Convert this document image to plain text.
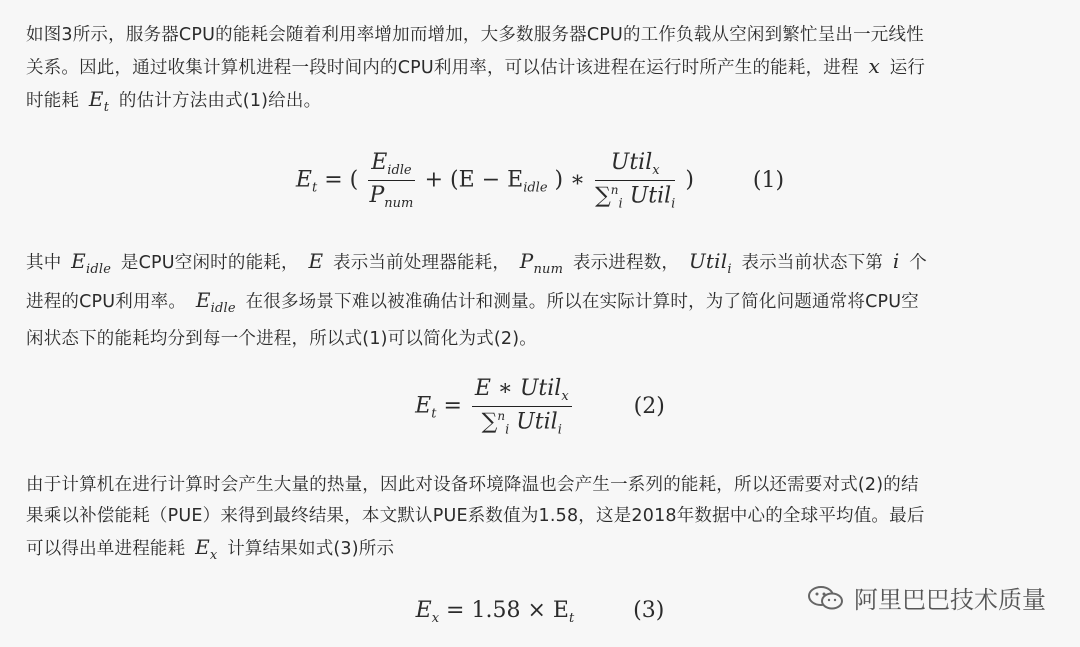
如图3所示，服务器CPU的能耗会随着利用率增加而增加，大多数服务器CPU的工作负载从空闲到繁忙呈出一元线性
关系。因此，通过收集计算机进程一段时间内的CPU利用率，可以估计该进程在运行时所产生的能耗，进程 x 运行
时能耗 $E_t$ 的估计方法由式(1)给出。
$E_t$ = ( $\frac{E_{idle}}{P_{num}} + (E - E_{idle}$ ) ∗ $\frac{Util_x}{\sum^n_i Util_i}$ )	(1)
其中 $E_{idle}$ 是CPU空闲时的能耗， E 表示当前处理器能耗， $P_{num}$ 表示进程数， Util$_i$ 表示当前状态下第 i 个
进程的CPU利用率。 $E_{idle}$ 在很多场景下难以被准确估计和测量。所以在实际计算时，为了简化问题通常将CPU空
闲状态下的能耗均分到每一个进程，所以式(1)可以简化为式(2)。
$E_t = \frac{E ∗ Util_x}{\sum^n_i Util_i}$	(2)
由于计算机在进行计算时会产生大量的热量，因此对设备环境降温也会产生一系列的能耗，所以还需要对式(2)的结
果乘以补偿能耗（PUE）来得到最终结果，本文默认PUE系数值为1.58，这是2018年数据中心的全球平均值。最后
可以得出单进程能耗 $E_x$ 计算结果如式(3)所示
$E_x = 1.58 \times E_t$	(3)	阿里巴巴技术质量
